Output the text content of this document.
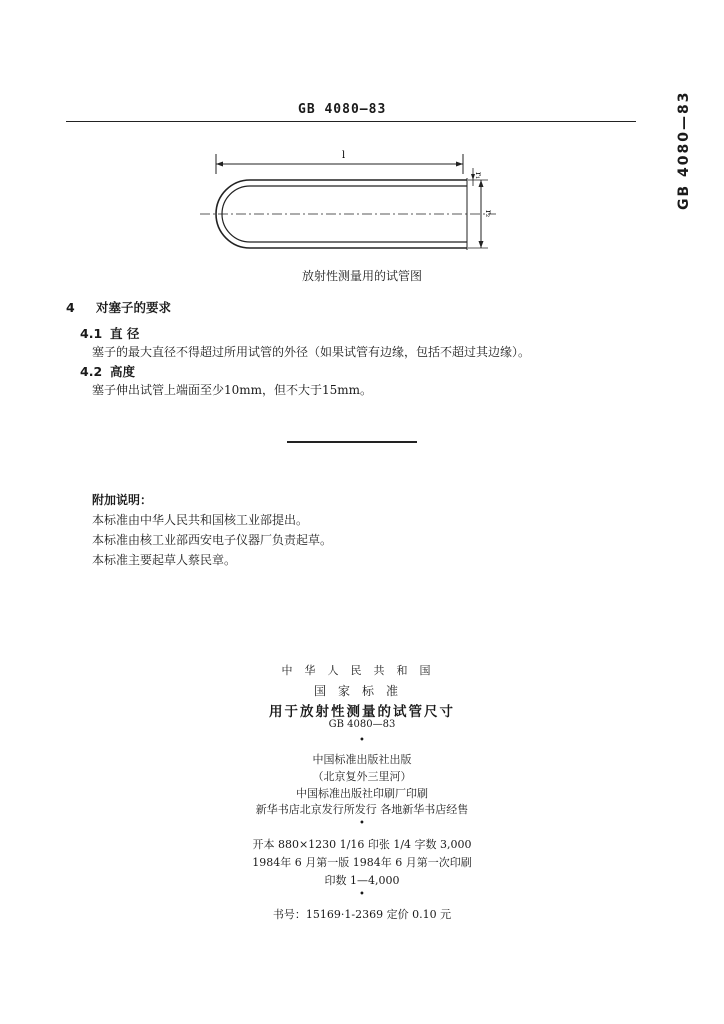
GB 4080—83	GB 4080—83
l
r₁
r₂
放射性测量用的试管图
4 对塞子的要求
4.1 直 径
塞子的最大直径不得超过所用试管的外径（如果试管有边缘，包括不超过其边缘）。
4.2 高度
塞子伸出试管上端面至少10mm，但不大于15mm。
附加说明：
本标准由中华人民共和国核工业部提出。
本标准由核工业部西安电子仪器厂负责起草。
本标准主要起草人蔡民章。
中华人民共和国
国家标准
用于放射性测量的试管尺寸
GB 4080—83
•
中国标准出版社出版
（北京复外三里河）
中国标准出版社印刷厂印刷
新华书店北京发行所发行 各地新华书店经售
•
开本 880×1230 1/16 印张 1/4 字数 3,000
1984年 6 月第一版 1984年 6 月第一次印刷
印数 1—4,000
•
书号：15169·1-2369 定价 0.10 元
